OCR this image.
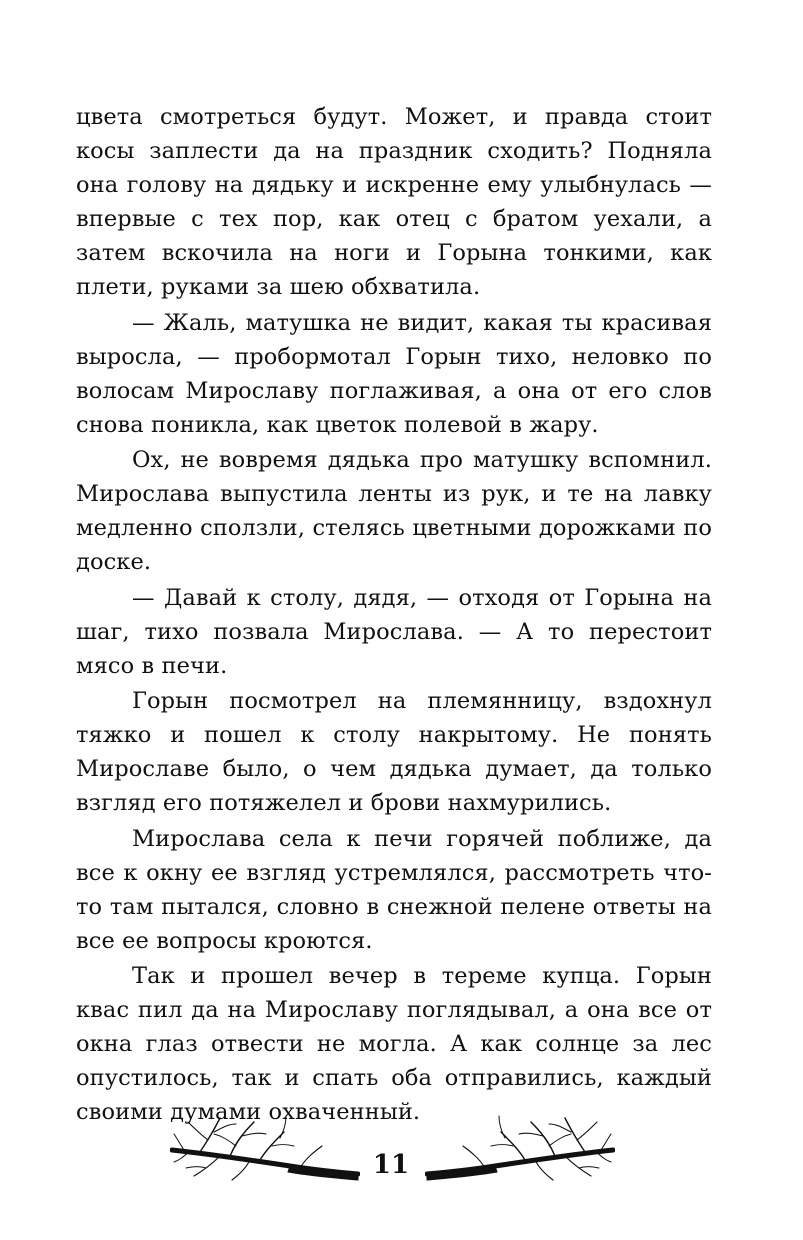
цвета смотреться будут. Может, и правда стоит косы заплести да на праздник сходить? Подняла она голову на дядьку и искренне ему улыбнулась — впервые с тех пор, как отец с братом уехали, а затем вскочила на ноги и Горына тонкими, как плети, руками за шею обхватила.

— Жаль, матушка не видит, какая ты красивая выросла, — пробормотал Горын тихо, неловко по волосам Мирославу поглаживая, а она от его слов снова поникла, как цветок полевой в жару.

Ох, не вовремя дядька про матушку вспомнил. Мирослава выпустила ленты из рук, и те на лавку медленно сползли, стелясь цветными дорожками по доске.

— Давай к столу, дядя, — отходя от Горына на шаг, тихо позвала Мирослава. — А то перестоит мясо в печи.

Горын посмотрел на племянницу, вздохнул тяжко и пошел к столу накрытому. Не понять Мирославе было, о чем дядька думает, да только взгляд его потяжелел и брови нахмурились.

Мирослава села к печи горячей поближе, да все к окну ее взгляд устремлялся, рассмотреть что-то там пытался, словно в снежной пелене ответы на все ее вопросы кроются.

Так и прошел вечер в тереме купца. Горын квас пил да на Мирославу поглядывал, а она все от окна глаз отвести не могла. А как солнце за лес опустилось, так и спать оба отправились, каждый своими думами охваченный.

11
